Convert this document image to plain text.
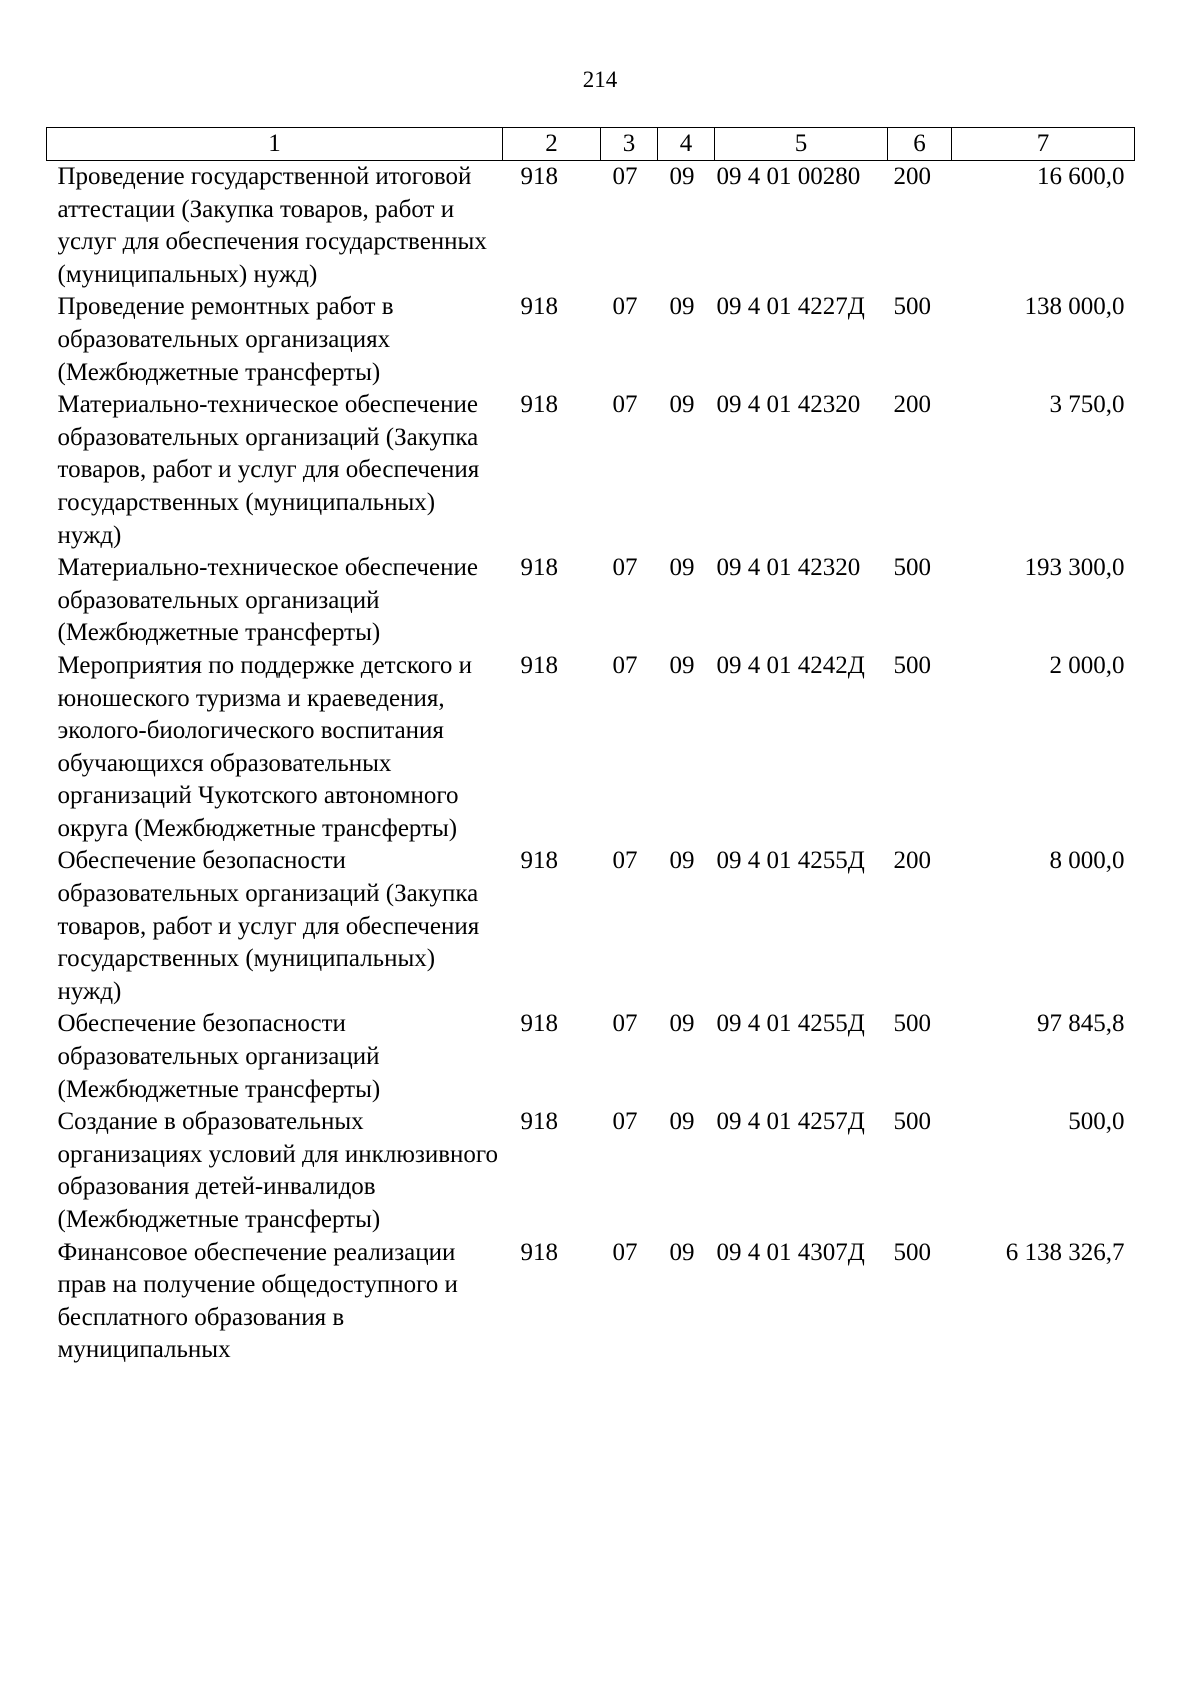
214
1	2	3	4	5	6	7
Проведение государственной итоговой аттестации (Закупка товаров, работ и услуг для обеспечения государственных (муниципальных) нужд)	918	07	09	09 4 01 00280	200	16 600,0
Проведение ремонтных работ в образовательных организациях (Межбюджетные трансферты)	918	07	09	09 4 01 4227Д	500	138 000,0
Материально-техническое обеспечение образовательных организаций (Закупка товаров, работ и услуг для обеспечения государственных (муниципальных) нужд)	918	07	09	09 4 01 42320	200	3 750,0
Материально-техническое обеспечение образовательных организаций (Межбюджетные трансферты)	918	07	09	09 4 01 42320	500	193 300,0
Мероприятия по поддержке детского и юношеского туризма и краеведения, эколого-биологического воспитания обучающихся образовательных организаций Чукотского автономного округа (Межбюджетные трансферты)	918	07	09	09 4 01 4242Д	500	2 000,0
Обеспечение безопасности образовательных организаций (Закупка товаров, работ и услуг для обеспечения государственных (муниципальных) нужд)	918	07	09	09 4 01 4255Д	200	8 000,0
Обеспечение безопасности образовательных организаций (Межбюджетные трансферты)	918	07	09	09 4 01 4255Д	500	97 845,8
Создание в образовательных организациях условий для инклюзивного образования детей-инвалидов (Межбюджетные трансферты)	918	07	09	09 4 01 4257Д	500	500,0
Финансовое обеспечение реализации прав на получение общедоступного и бесплатного образования в муниципальных	918	07	09	09 4 01 4307Д	500	6 138 326,7
